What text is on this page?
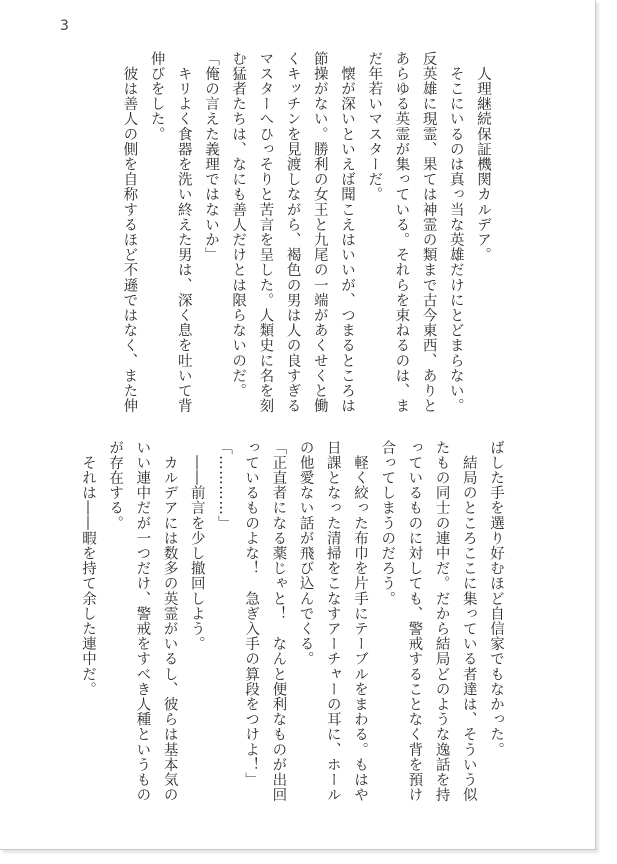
3
　人理継続保証機関カルデア。
　そこにいるのは真っ当な英雄だけにとどまらない。
反英雄に現霊、果ては神霊の類まで古今東西、ありと
あらゆる英霊が集っている。それらを束ねるのは、ま
だ年若いマスターだ。
　懐が深いといえば聞こえはいいが、つまるところは
節操がない。勝利の女王と九尾の一端があくせくと働
くキッチンを見渡しながら、褐色の男は人の良すぎる
マスターへひっそりと苦言を呈した。人類史に名を刻
む猛者たちは、なにも善人だけとは限らないのだ。
「俺の言えた義理ではないか」
　キリよく食器を洗い終えた男は、深く息を吐いて背
伸びをした。
　彼は善人の側を自称するほど不遜ではなく、また伸
ばした手を選り好むほど自信家でもなかった。
　結局のところここに集っている者達は、そういう似
たもの同士の連中だ。だから結局どのような逸話を持
っているものに対しても、警戒することなく背を預け
合ってしまうのだろう。
　軽く絞った布巾を片手にテーブルをまわる。もはや
日課となった清掃をこなすアーチャーの耳に、ホール
の他愛ない話が飛び込んでくる。
「正直者になる薬じゃと！　なんと便利なものが出回
っているものよな！　急ぎ入手の算段をつけよ！」
「…………」
　――前言を少し撤回しよう。
　カルデアには数多の英霊がいるし、彼らは基本気の
いい連中だが一つだけ、警戒をすべき人種というもの
が存在する。
　それは――暇を持て余した連中だ。
